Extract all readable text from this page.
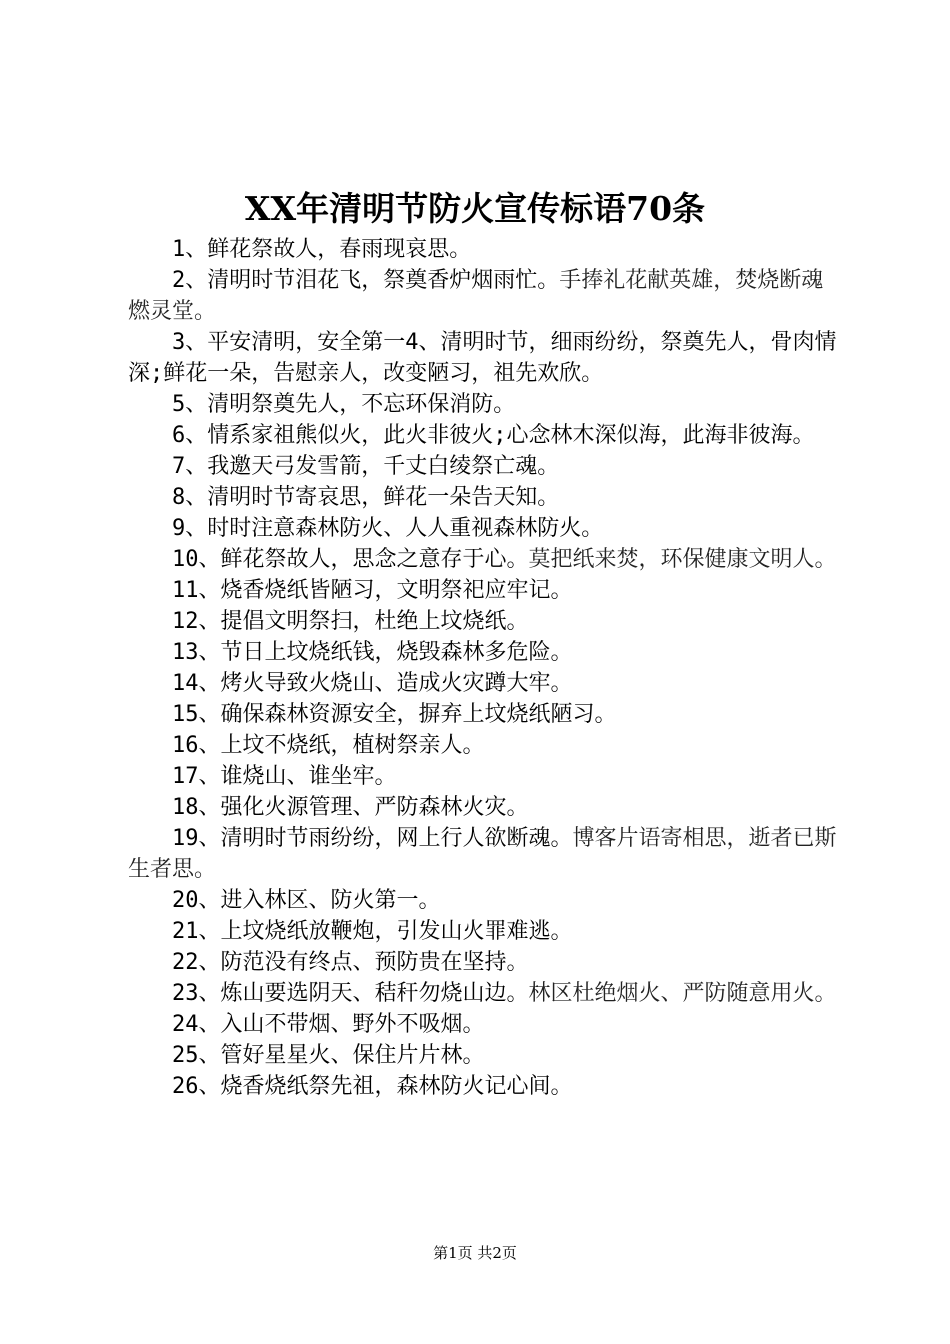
XX年清明节防火宣传标语70条

1、鲜花祭故人，春雨现哀思。

2、清明时节泪花飞，祭奠香炉烟雨忙。手捧礼花献英雄，焚烧断魂燃灵堂。

3、平安清明，安全第一4、清明时节，细雨纷纷，祭奠先人，骨肉情深;鲜花一朵，告慰亲人，改变陋习，祖先欢欣。

5、清明祭奠先人，不忘环保消防。

6、情系家祖熊似火，此火非彼火;心念林木深似海，此海非彼海。

7、我邀天弓发雪箭，千丈白绫祭亡魂。

8、清明时节寄哀思，鲜花一朵告天知。

9、时时注意森林防火、人人重视森林防火。

10、鲜花祭故人，思念之意存于心。莫把纸来焚，环保健康文明人。

11、烧香烧纸皆陋习，文明祭祀应牢记。

12、提倡文明祭扫，杜绝上坟烧纸。

13、节日上坟烧纸钱，烧毁森林多危险。

14、烤火导致火烧山、造成火灾蹲大牢。

15、确保森林资源安全，摒弃上坟烧纸陋习。

16、上坟不烧纸，植树祭亲人。

17、谁烧山、谁坐牢。

18、强化火源管理、严防森林火灾。

19、清明时节雨纷纷，网上行人欲断魂。博客片语寄相思，逝者已斯生者思。

20、进入林区、防火第一。

21、上坟烧纸放鞭炮，引发山火罪难逃。

22、防范没有终点、预防贵在坚持。

23、炼山要选阴天、秸秆勿烧山边。林区杜绝烟火、严防随意用火。

24、入山不带烟、野外不吸烟。

25、管好星星火、保住片片林。

26、烧香烧纸祭先祖，森林防火记心间。

第1页 共2页
